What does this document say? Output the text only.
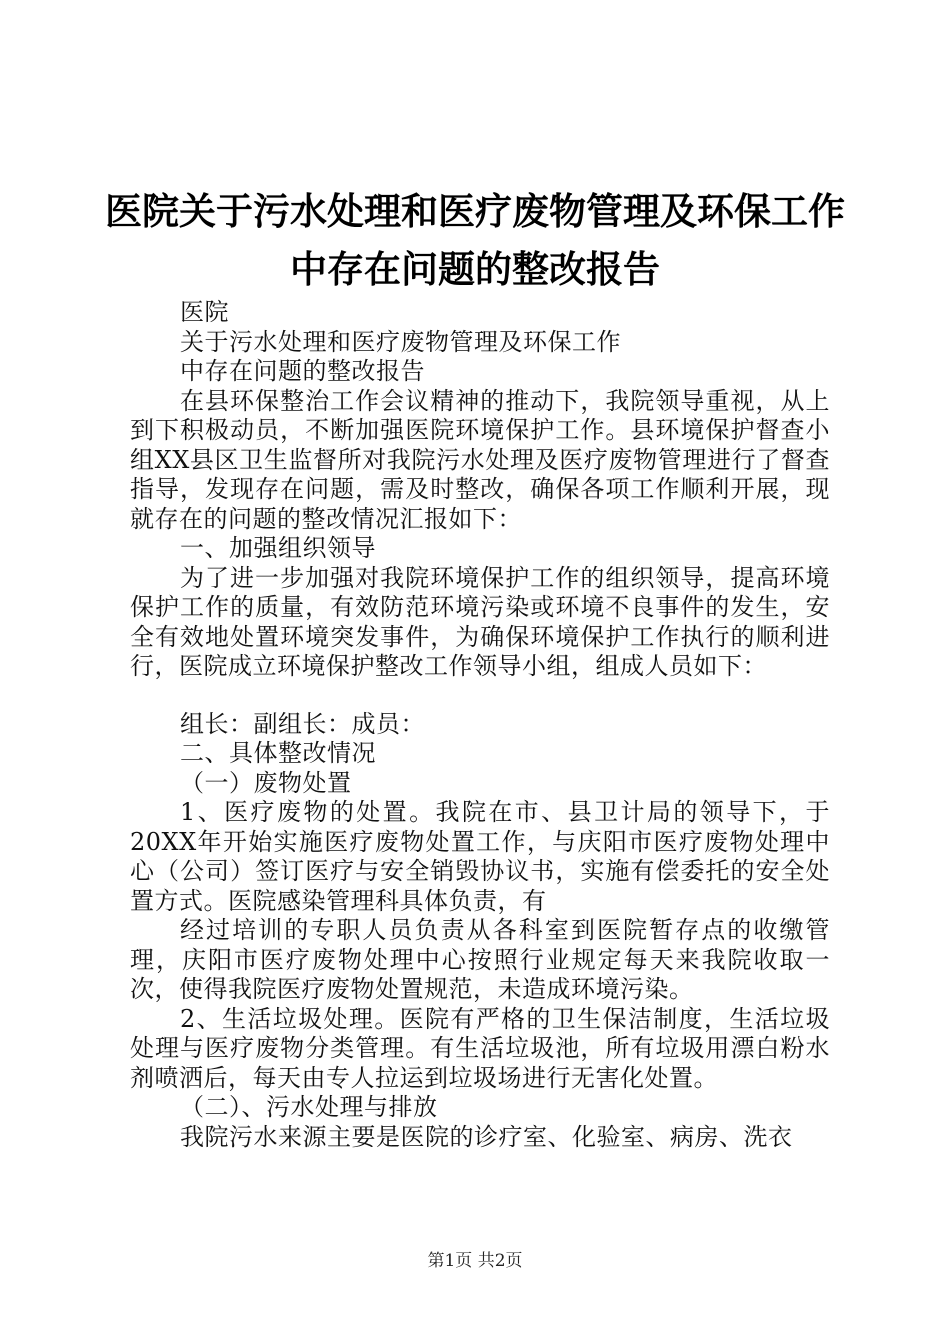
医院关于污水处理和医疗废物管理及环保工作
中存在问题的整改报告

医院

关于污水处理和医疗废物管理及环保工作

中存在问题的整改报告

在县环保整治工作会议精神的推动下，我院领导重视，从上到下积极动员，不断加强医院环境保护工作。县环境保护督查小组XX县区卫生监督所对我院污水处理及医疗废物管理进行了督查指导，发现存在问题，需及时整改，确保各项工作顺利开展，现就存在的问题的整改情况汇报如下：

一、加强组织领导

为了进一步加强对我院环境保护工作的组织领导，提高环境保护工作的质量，有效防范环境污染或环境不良事件的发生，安全有效地处置环境突发事件，为确保环境保护工作执行的顺利进行，医院成立环境保护整改工作领导小组，组成人员如下：

组长：副组长：成员：

二、具体整改情况

（一）废物处置

1、医疗废物的处置。我院在市、县卫计局的领导下，于20XX年开始实施医疗废物处置工作，与庆阳市医疗废物处理中心（公司）签订医疗与安全销毁协议书，实施有偿委托的安全处置方式。医院感染管理科具体负责，有

经过培训的专职人员负责从各科室到医院暂存点的收缴管理，庆阳市医疗废物处理中心按照行业规定每天来我院收取一次，使得我院医疗废物处置规范，未造成环境污染。

2、生活垃圾处理。医院有严格的卫生保洁制度，生活垃圾处理与医疗废物分类管理。有生活垃圾池，所有垃圾用漂白粉水剂喷洒后，每天由专人拉运到垃圾场进行无害化处置。

（二）、污水处理与排放

我院污水来源主要是医院的诊疗室、化验室、病房、洗衣

第1页 共2页
